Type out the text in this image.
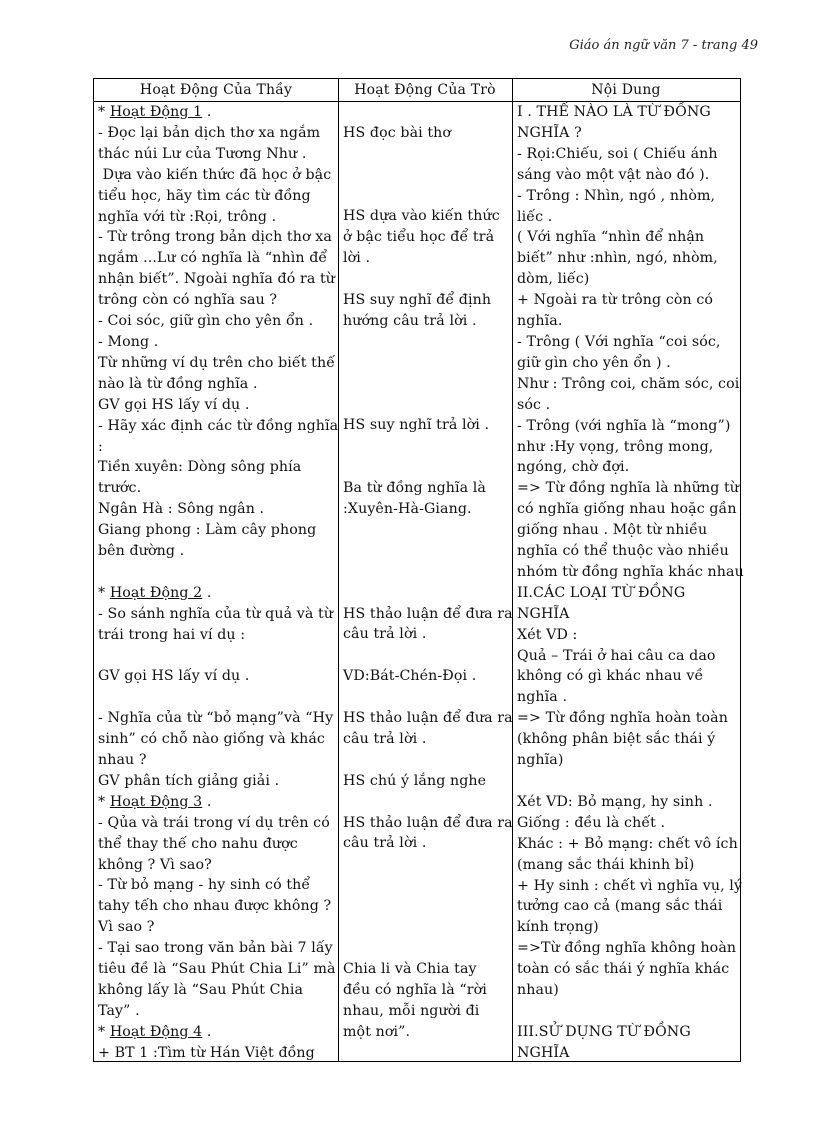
Giáo án ngữ văn 7 - trang 49
Hoạt Động Của Thầy	Hoạt Động Của Trò	Nội Dung
* Hoạt Động 1 .
- Đọc lại bản dịch thơ xa ngắm
thác núi Lư của Tương Như .
Dựa vào kiến thức đã học ở bậc
tiểu học, hãy tìm các từ đồng
nghĩa với từ :Rọi, trông .
- Từ trông trong bản dịch thơ xa
ngắm ...Lư có nghĩa là “nhìn để
nhận biết”. Ngoài nghĩa đó ra từ
trông còn có nghĩa sau ?
- Coi sóc, giữ gìn cho yên ổn .
- Mong .
Từ những ví dụ trên cho biết thế
nào là từ đồng nghĩa .
GV gọi HS lấy ví dụ .
- Hãy xác định các từ đồng nghĩa
:
Tiền xuyên: Dòng sông phía
trước.
Ngân Hà : Sông ngân .
Giang phong : Làm cây phong
bên đường .
* Hoạt Động 2 .
- So sánh nghĩa của từ quả và từ
trái trong hai ví dụ :
GV gọi HS lấy ví dụ .
- Nghĩa của từ “bỏ mạng”và “Hy
sinh” có chỗ nào giống và khác
nhau ?
GV phân tích giảng giải .
* Hoạt Động 3 .
- Qủa và trái trong ví dụ trên có
thể thay thế cho nahu được
không ? Vì sao?
- Từ bỏ mạng - hy sinh có thể
tahy tếh cho nhau được không ?
Vì sao ?
- Tại sao trong văn bản bài 7 lấy
tiêu đề là “Sau Phút Chia Li” mà
không lấy là “Sau Phút Chia
Tay” .
* Hoạt Động 4 .
+ BT 1 :Tìm từ Hán Việt đồng
HS đọc bài thơ
HS dựa vào kiến thức
ở bậc tiểu học để trả
lời .
HS suy nghĩ để định
hướng câu trả lời .
HS suy nghĩ trả lời .
Ba từ đồng nghĩa là
:Xuyên-Hà-Giang.
HS thảo luận để đưa ra
câu trả lời .
VD:Bát-Chén-Đọi .
HS thảo luận để đưa ra
câu trả lời .
HS chú ý lắng nghe
HS thảo luận để đưa ra
câu trả lời .
Chia li và Chia tay
đều có nghĩa là “rời
nhau, mỗi người đi
một nơi”.
I . THẾ NÀO LÀ TỪ ĐỒNG
NGHĨA ?
- Rọi:Chiếu, soi ( Chiếu ánh
sáng vào một vật nào đó ).
- Trông : Nhìn, ngó , nhòm,
liếc .
( Với nghĩa “nhìn để nhận
biết” như :nhìn, ngó, nhòm,
dòm, liếc)
+ Ngoài ra từ trông còn có
nghĩa.
- Trông ( Với nghĩa “coi sóc,
giữ gìn cho yên ổn ) .
Như : Trông coi, chăm sóc, coi
sóc .
- Trông (với nghĩa là “mong”)
như :Hy vọng, trông mong,
ngóng, chờ đợi.
=> Từ đồng nghĩa là những từ
có nghĩa giống nhau hoặc gần
giống nhau . Một từ nhiều
nghĩa có thể thuộc vào nhiều
nhóm từ đồng nghĩa khác nhau
II.CÁC LOẠI TỪ ĐỒNG
NGHĨA
Xét VD :
Quả – Trái ở hai câu ca dao
không có gì khác nhau về
nghĩa .
=> Từ đồng nghĩa hoàn toàn
(không phân biệt sắc thái ý
nghĩa)
Xét VD: Bỏ mạng, hy sinh .
Giống : đều là chết .
Khác : + Bỏ mạng: chết vô ích
(mang sắc thái khinh bỉ)
+ Hy sinh : chết vì nghĩa vụ, lý
tưởng cao cả (mang sắc thái
kính trọng)
=>Từ đồng nghĩa không hoàn
toàn có sắc thái ý nghĩa khác
nhau)
III.SỬ DỤNG TỪ ĐỒNG
NGHĨA
